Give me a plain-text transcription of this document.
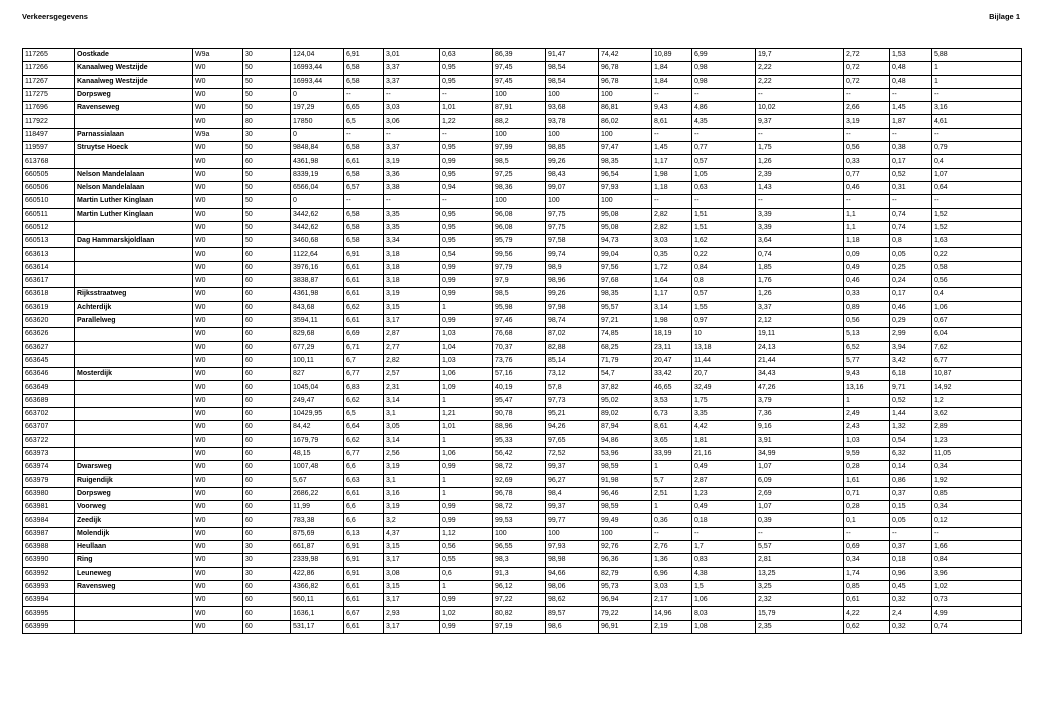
Verkeersgegevens	Bijlage 1
117265	Oostkade	W9a	30	124,04	6,91	3,01	0,63	86,39	91,47	74,42	10,89	6,99	19,7	2,72	1,53	5,88
117266	Kanaalweg Westzijde	W0	50	16993,44	6,58	3,37	0,95	97,45	98,54	96,78	1,84	0,98	2,22	0,72	0,48	1
117267	Kanaalweg Westzijde	W0	50	16993,44	6,58	3,37	0,95	97,45	98,54	96,78	1,84	0,98	2,22	0,72	0,48	1
117275	Dorpsweg	W0	50	0	--	--	--	100	100	100	--	--	--	--	--	--
117696	Ravenseweg	W0	50	197,29	6,65	3,03	1,01	87,91	93,68	86,81	9,43	4,86	10,02	2,66	1,45	3,16
117922		W0	80	17850	6,5	3,06	1,22	88,2	93,78	86,02	8,61	4,35	9,37	3,19	1,87	4,61
118497	Parnassialaan	W9a	30	0	--	--	--	100	100	100	--	--	--	--	--	--
119597	Struytse Hoeck	W0	50	9848,84	6,58	3,37	0,95	97,99	98,85	97,47	1,45	0,77	1,75	0,56	0,38	0,79
613768		W0	60	4361,98	6,61	3,19	0,99	98,5	99,26	98,35	1,17	0,57	1,26	0,33	0,17	0,4
660505	Nelson Mandelalaan	W0	50	8339,19	6,58	3,36	0,95	97,25	98,43	96,54	1,98	1,05	2,39	0,77	0,52	1,07
660506	Nelson Mandelalaan	W0	50	6566,04	6,57	3,38	0,94	98,36	99,07	97,93	1,18	0,63	1,43	0,46	0,31	0,64
660510	Martin Luther Kinglaan	W0	50	0	--	--	--	100	100	100	--	--	--	--	--	--
660511	Martin Luther Kinglaan	W0	50	3442,62	6,58	3,35	0,95	96,08	97,75	95,08	2,82	1,51	3,39	1,1	0,74	1,52
660512		W0	50	3442,62	6,58	3,35	0,95	96,08	97,75	95,08	2,82	1,51	3,39	1,1	0,74	1,52
660513	Dag Hammarskjoldlaan	W0	50	3460,68	6,58	3,34	0,95	95,79	97,58	94,73	3,03	1,62	3,64	1,18	0,8	1,63
663613		W0	60	1122,64	6,91	3,18	0,54	99,56	99,74	99,04	0,35	0,22	0,74	0,09	0,05	0,22
663614		W0	60	3976,16	6,61	3,18	0,99	97,79	98,9	97,56	1,72	0,84	1,85	0,49	0,25	0,58
663617		W0	60	3838,87	6,61	3,18	0,99	97,9	98,96	97,68	1,64	0,8	1,76	0,46	0,24	0,56
663618	Rijksstraatweg	W0	60	4361,98	6,61	3,19	0,99	98,5	99,26	98,35	1,17	0,57	1,26	0,33	0,17	0,4
663619	Achterdijk	W0	60	843,68	6,62	3,15	1	95,98	97,98	95,57	3,14	1,55	3,37	0,89	0,46	1,06
663620	Parallelweg	W0	60	3594,11	6,61	3,17	0,99	97,46	98,74	97,21	1,98	0,97	2,12	0,56	0,29	0,67
663626		W0	60	829,68	6,69	2,87	1,03	76,68	87,02	74,85	18,19	10	19,11	5,13	2,99	6,04
663627		W0	60	677,29	6,71	2,77	1,04	70,37	82,88	68,25	23,11	13,18	24,13	6,52	3,94	7,62
663645		W0	60	100,11	6,7	2,82	1,03	73,76	85,14	71,79	20,47	11,44	21,44	5,77	3,42	6,77
663646	Mosterdijk	W0	60	827	6,77	2,57	1,06	57,16	73,12	54,7	33,42	20,7	34,43	9,43	6,18	10,87
663649		W0	60	1045,04	6,83	2,31	1,09	40,19	57,8	37,82	46,65	32,49	47,26	13,16	9,71	14,92
663689		W0	60	249,47	6,62	3,14	1	95,47	97,73	95,02	3,53	1,75	3,79	1	0,52	1,2
663702		W0	60	10429,95	6,5	3,1	1,21	90,78	95,21	89,02	6,73	3,35	7,36	2,49	1,44	3,62
663707		W0	60	84,42	6,64	3,05	1,01	88,96	94,26	87,94	8,61	4,42	9,16	2,43	1,32	2,89
663722		W0	60	1679,79	6,62	3,14	1	95,33	97,65	94,86	3,65	1,81	3,91	1,03	0,54	1,23
663973		W0	60	48,15	6,77	2,56	1,06	56,42	72,52	53,96	33,99	21,16	34,99	9,59	6,32	11,05
663974	Dwarsweg	W0	60	1007,48	6,6	3,19	0,99	98,72	99,37	98,59	1	0,49	1,07	0,28	0,14	0,34
663979	Ruigendijk	W0	60	5,67	6,63	3,1	1	92,69	96,27	91,98	5,7	2,87	6,09	1,61	0,86	1,92
663980	Dorpsweg	W0	60	2686,22	6,61	3,16	1	96,78	98,4	96,46	2,51	1,23	2,69	0,71	0,37	0,85
663981	Voorweg	W0	60	11,99	6,6	3,19	0,99	98,72	99,37	98,59	1	0,49	1,07	0,28	0,15	0,34
663984	Zeedijk	W0	60	783,38	6,6	3,2	0,99	99,53	99,77	99,49	0,36	0,18	0,39	0,1	0,05	0,12
663987	Molendijk	W0	60	875,69	6,13	4,37	1,12	100	100	100	--	--	--	--	--	--
663988	Heullaan	W0	30	661,87	6,91	3,15	0,56	96,55	97,93	92,76	2,76	1,7	5,57	0,69	0,37	1,66
663990	Ring	W0	30	2339,98	6,91	3,17	0,55	98,3	98,98	96,36	1,36	0,83	2,81	0,34	0,18	0,84
663992	Leuneweg	W0	30	422,86	6,91	3,08	0,6	91,3	94,66	82,79	6,96	4,38	13,25	1,74	0,96	3,96
663993	Ravensweg	W0	60	4366,82	6,61	3,15	1	96,12	98,06	95,73	3,03	1,5	3,25	0,85	0,45	1,02
663994		W0	60	560,11	6,61	3,17	0,99	97,22	98,62	96,94	2,17	1,06	2,32	0,61	0,32	0,73
663995		W0	60	1636,1	6,67	2,93	1,02	80,82	89,57	79,22	14,96	8,03	15,79	4,22	2,4	4,99
663999		W0	60	531,17	6,61	3,17	0,99	97,19	98,6	96,91	2,19	1,08	2,35	0,62	0,32	0,74
